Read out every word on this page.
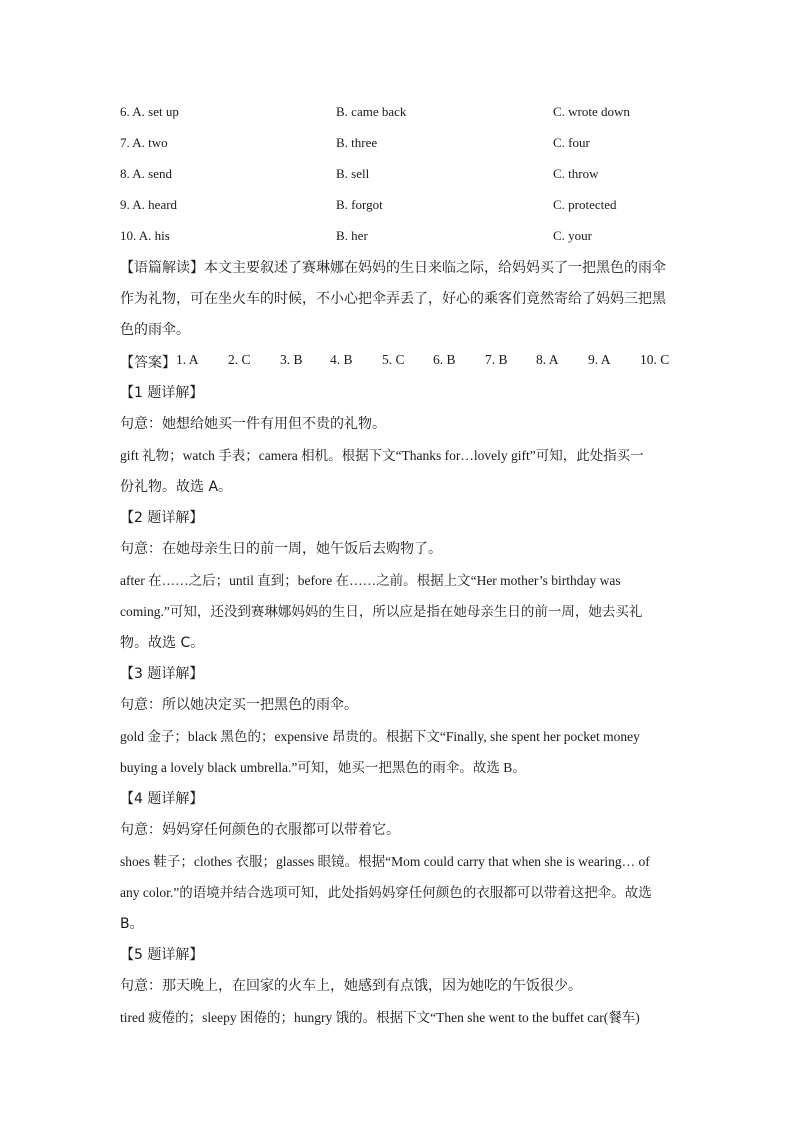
6. A. set up	B. came back	C. wrote down
7. A. two	B. three	C. four
8. A. send	B. sell	C. throw
9. A. heard	B. forgot	C. protected
10. A. his	B. her	C. your
【语篇解读】本文主要叙述了赛琳娜在妈妈的生日来临之际，给妈妈买了一把黑色的雨伞
作为礼物，可在坐火车的时候，不小心把伞弄丢了，好心的乘客们竟然寄给了妈妈三把黑
色的雨伞。
【答案】 1. A 2. C 3. B 4. B 5. C 6. B 7. B 8. A 9. A 10. C
【1 题详解】
句意：她想给她买一件有用但不贵的礼物。
gift 礼物；watch 手表；camera 相机。根据下文“Thanks for…lovely gift”可知，此处指买一
份礼物。故选 A。
【2 题详解】
句意：在她母亲生日的前一周，她午饭后去购物了。
after 在……之后；until 直到；before 在……之前。根据上文“Her mother’s birthday was
coming.”可知，还没到赛琳娜妈妈的生日，所以应是指在她母亲生日的前一周，她去买礼
物。故选 C。
【3 题详解】
句意：所以她决定买一把黑色的雨伞。
gold 金子；black 黑色的；expensive 昂贵的。根据下文“Finally, she spent her pocket money
buying a lovely black umbrella.”可知，她买一把黑色的雨伞。故选 B。
【4 题详解】
句意：妈妈穿任何颜色的衣服都可以带着它。
shoes 鞋子；clothes 衣服；glasses 眼镜。根据“Mom could carry that when she is wearing… of
any color.”的语境并结合选项可知，此处指妈妈穿任何颜色的衣服都可以带着这把伞。故选
B。
【5 题详解】
句意：那天晚上，在回家的火车上，她感到有点饿，因为她吃的午饭很少。
tired 疲倦的；sleepy 困倦的；hungry 饿的。根据下文“Then she went to the buffet car(餐车)
